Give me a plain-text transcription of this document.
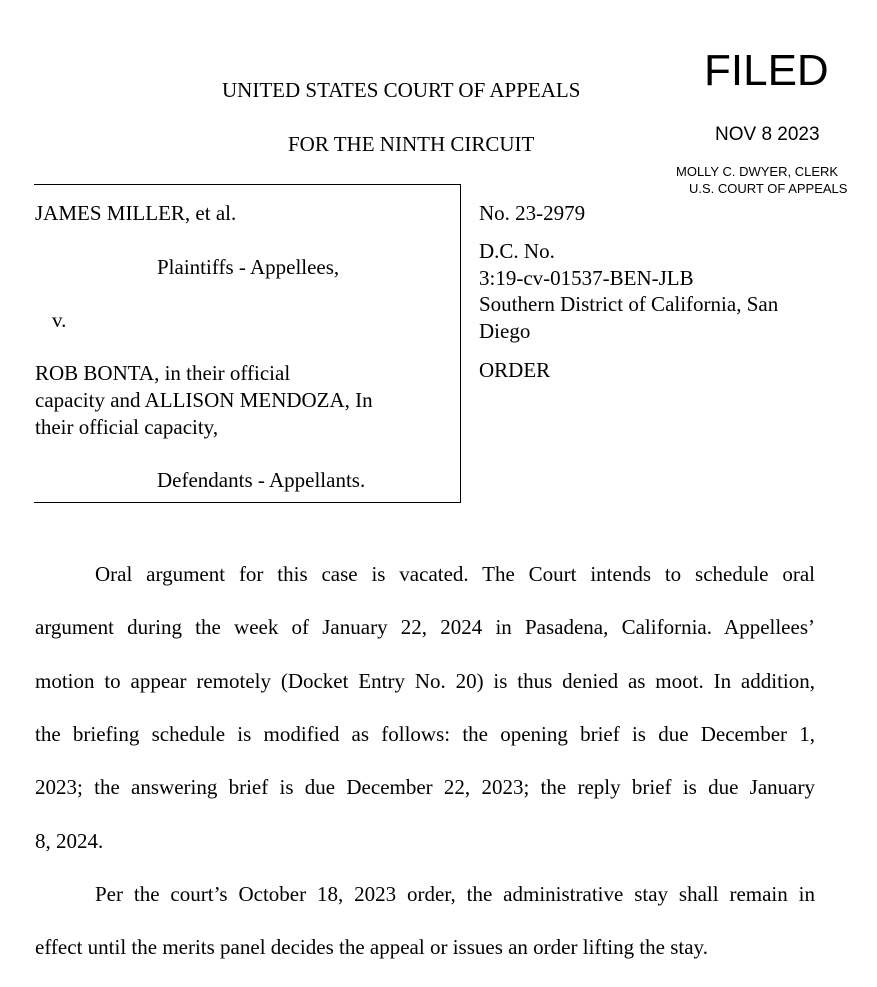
UNITED STATES COURT OF APPEALS
FOR THE NINTH CIRCUIT
FILED
NOV 8 2023
MOLLY C. DWYER, CLERK
U.S. COURT OF APPEALS
JAMES MILLER, et al.
Plaintiffs - Appellees,
v.
ROB BONTA, in their official
capacity and ALLISON MENDOZA, In
their official capacity,
Defendants - Appellants.
No. 23-2979
D.C. No.
3:19-cv-01537-BEN-JLB
Southern District of California, San
Diego
ORDER
Oral argument for this case is vacated. The Court intends to schedule oral
argument during the week of January 22, 2024 in Pasadena, California. Appellees’
motion to appear remotely (Docket Entry No. 20) is thus denied as moot. In addition,
the briefing schedule is modified as follows: the opening brief is due December 1,
2023; the answering brief is due December 22, 2023; the reply brief is due January
8, 2024.
Per the court’s October 18, 2023 order, the administrative stay shall remain in
effect until the merits panel decides the appeal or issues an order lifting the stay.
